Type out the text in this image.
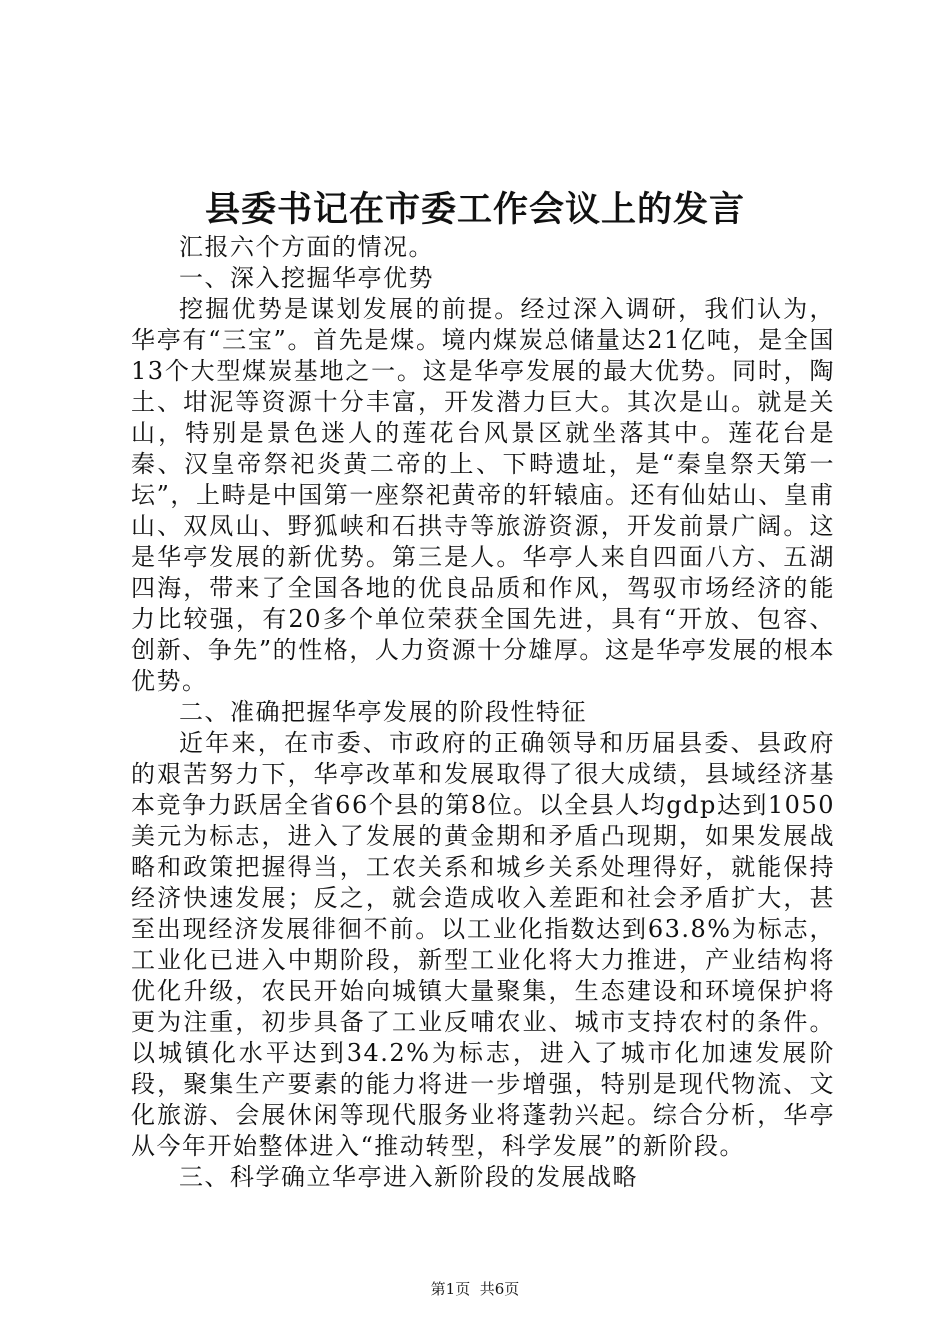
县委书记在市委工作会议上的发言

汇报六个方面的情况。

一、深入挖掘华亭优势

挖掘优势是谋划发展的前提。经过深入调研，我们认为，华亭有“三宝”。首先是煤。境内煤炭总储量达21亿吨，是全国13个大型煤炭基地之一。这是华亭发展的最大优势。同时，陶土、坩泥等资源十分丰富，开发潜力巨大。其次是山。就是关山，特别是景色迷人的莲花台风景区就坐落其中。莲花台是秦、汉皇帝祭祀炎黄二帝的上、下畤遗址，是“秦皇祭天第一坛”，上畤是中国第一座祭祀黄帝的轩辕庙。还有仙姑山、皇甫山、双凤山、野狐峡和石拱寺等旅游资源，开发前景广阔。这是华亭发展的新优势。第三是人。华亭人来自四面八方、五湖四海，带来了全国各地的优良品质和作风，驾驭市场经济的能力比较强，有20多个单位荣获全国先进，具有“开放、包容、创新、争先”的性格，人力资源十分雄厚。这是华亭发展的根本优势。

二、准确把握华亭发展的阶段性特征

近年来，在市委、市政府的正确领导和历届县委、县政府的艰苦努力下，华亭改革和发展取得了很大成绩，县域经济基本竞争力跃居全省66个县的第8位。以全县人均gdp达到1050美元为标志，进入了发展的黄金期和矛盾凸现期，如果发展战略和政策把握得当，工农关系和城乡关系处理得好，就能保持经济快速发展；反之，就会造成收入差距和社会矛盾扩大，甚至出现经济发展徘徊不前。以工业化指数达到63.8%为标志，工业化已进入中期阶段，新型工业化将大力推进，产业结构将优化升级，农民开始向城镇大量聚集，生态建设和环境保护将更为注重，初步具备了工业反哺农业、城市支持农村的条件。以城镇化水平达到34.2%为标志，进入了城市化加速发展阶段，聚集生产要素的能力将进一步增强，特别是现代物流、文化旅游、会展休闲等现代服务业将蓬勃兴起。综合分析，华亭从今年开始整体进入“推动转型，科学发展”的新阶段。

三、科学确立华亭进入新阶段的发展战略

第1页 共6页
